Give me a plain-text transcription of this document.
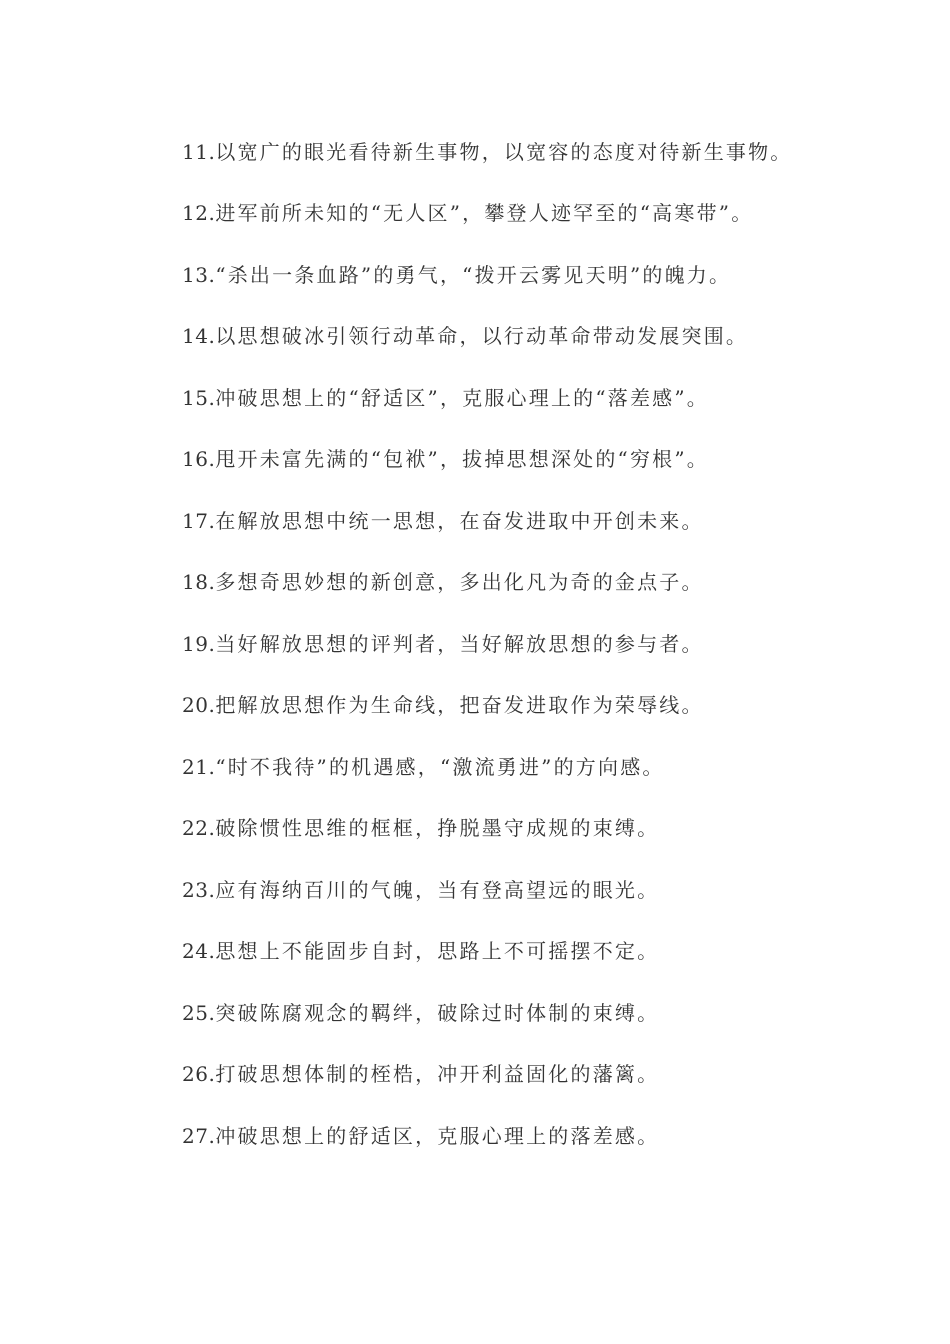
11.以宽广的眼光看待新生事物，以宽容的态度对待新生事物。
12.进军前所未知的“无人区”，攀登人迹罕至的“高寒带”。
13.“杀出一条血路”的勇气，“拨开云雾见天明”的魄力。
14.以思想破冰引领行动革命，以行动革命带动发展突围。
15.冲破思想上的“舒适区”，克服心理上的“落差感”。
16.甩开未富先满的“包袱”，拔掉思想深处的“穷根”。
17.在解放思想中统一思想，在奋发进取中开创未来。
18.多想奇思妙想的新创意，多出化凡为奇的金点子。
19.当好解放思想的评判者，当好解放思想的参与者。
20.把解放思想作为生命线，把奋发进取作为荣辱线。
21.“时不我待”的机遇感，“激流勇进”的方向感。
22.破除惯性思维的框框，挣脱墨守成规的束缚。
23.应有海纳百川的气魄，当有登高望远的眼光。
24.思想上不能固步自封，思路上不可摇摆不定。
25.突破陈腐观念的羁绊，破除过时体制的束缚。
26.打破思想体制的桎梏，冲开利益固化的藩篱。
27.冲破思想上的舒适区，克服心理上的落差感。
